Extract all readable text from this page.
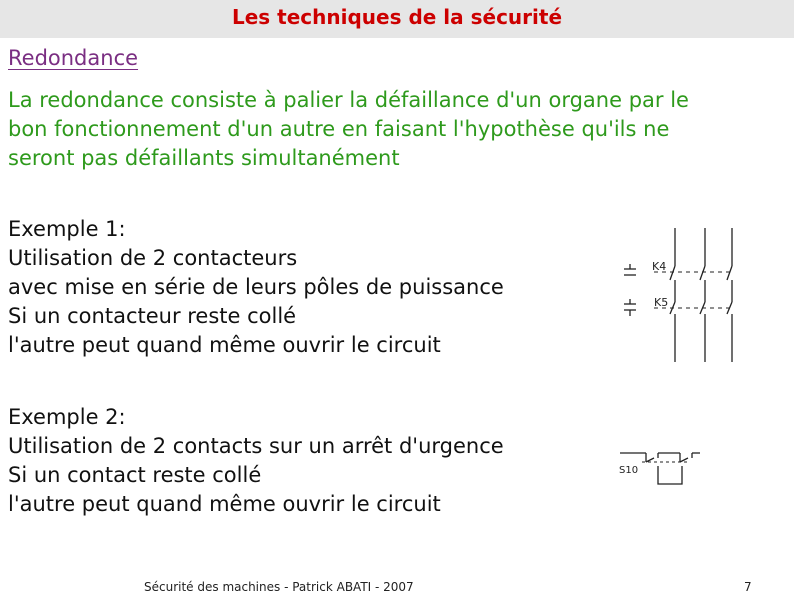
Les techniques de la sécurité
Redondance
La redondance consiste à palier la défaillance d'un organe par le
bon fonctionnement d'un autre en faisant l'hypothèse qu'ils ne
seront pas défaillants simultanément
Exemple 1:
Utilisation de 2 contacteurs
avec mise en série de leurs pôles de puissance
Si un contacteur reste collé
l'autre peut quand même ouvrir le circuit
K4
K5
Exemple 2:
Utilisation de 2 contacts sur un arrêt d'urgence
Si un contact reste collé
l'autre peut quand même ouvrir le circuit
S10
Sécurité des machines - Patrick ABATI - 2007	7
